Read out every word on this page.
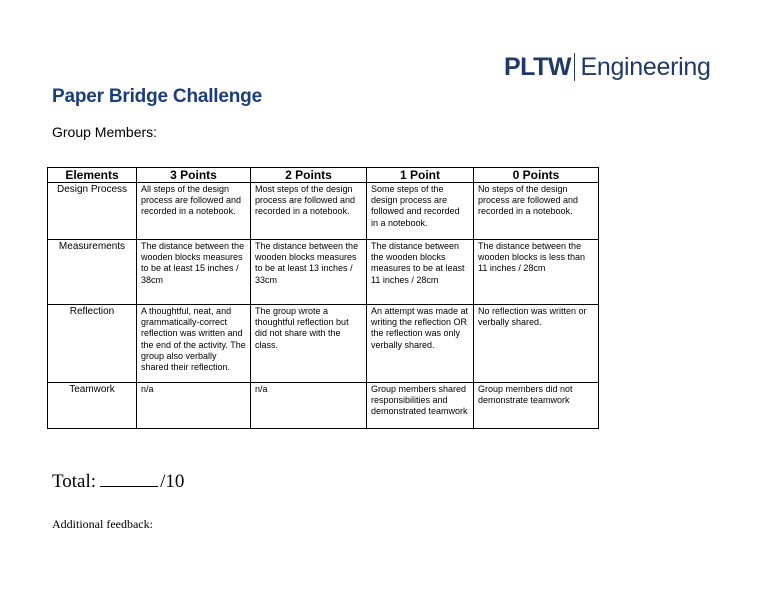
PLTW Engineering
Paper Bridge Challenge
Group Members:
Elements	3 Points	2 Points	1 Point	0 Points
Design Process	All steps of the design process are followed and recorded in a notebook.	Most steps of the design process are followed and recorded in a notebook.	Some steps of the design process are followed and recorded in a notebook.	No steps of the design process are followed and recorded in a notebook.
Measurements	The distance between the wooden blocks measures to be at least 15 inches / 38cm	The distance between the wooden blocks measures to be at least 13 inches / 33cm	The distance between the wooden blocks measures to be at least 11 inches / 28cm	The distance between the wooden blocks is less than 11 inches / 28cm
Reflection	A thoughtful, neat, and grammatically-correct reflection was written and the end of the activity. The group also verbally shared their reflection.	The group wrote a thoughtful reflection but did not share with the class.	An attempt was made at writing the reflection OR the reflection was only verbally shared.	No reflection was written or verbally shared.
Teamwork	n/a	n/a	Group members shared responsibilities and demonstrated teamwork	Group members did not demonstrate teamwork
Total:	/10
Additional feedback:
